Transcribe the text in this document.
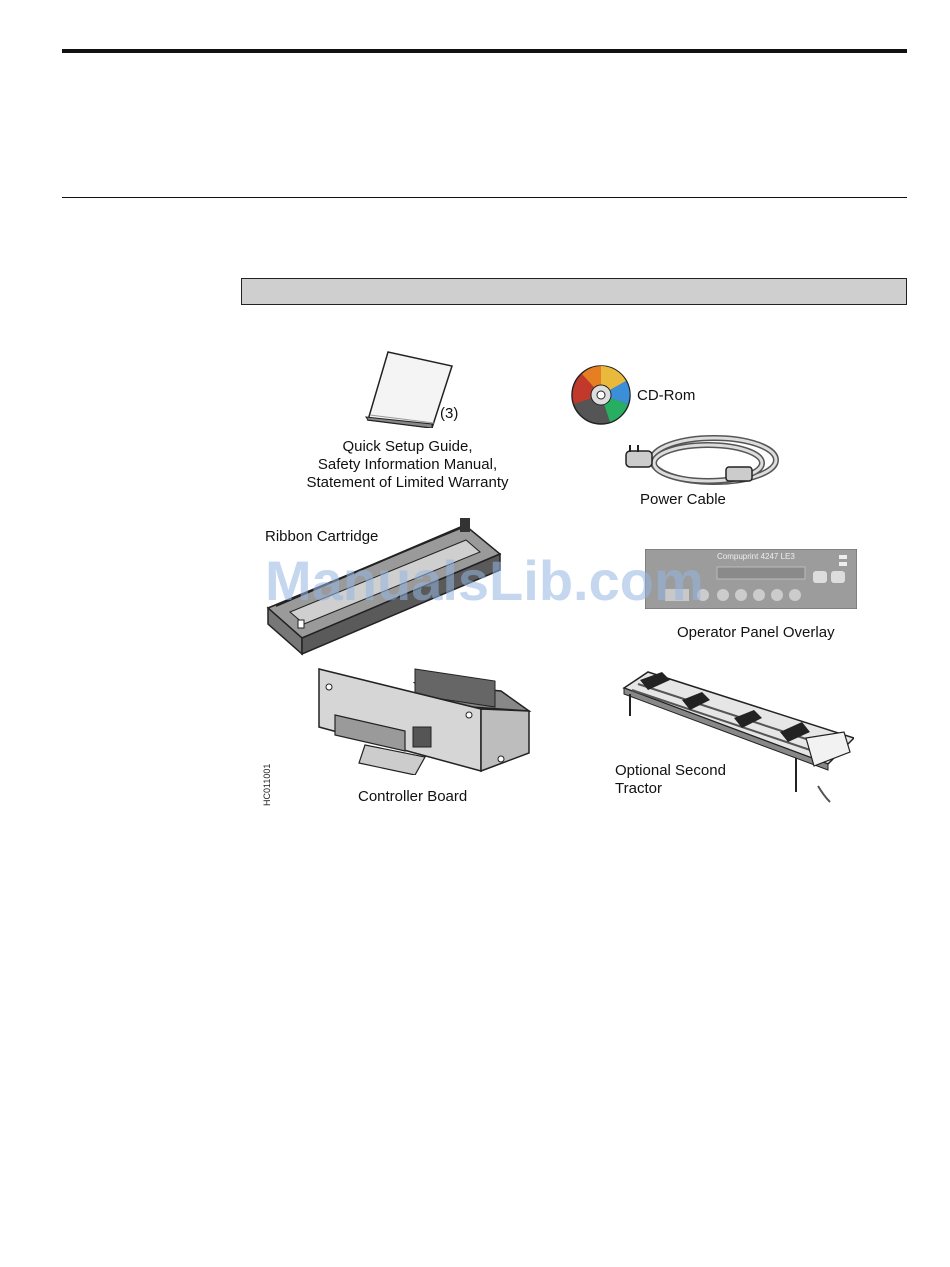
(3)
Quick Setup Guide,
Safety Information Manual,
Statement of Limited Warranty
CD-Rom
Power Cable
Ribbon Cartridge
Compuprint 4247 LE3
Operator Panel Overlay
Controller Board
Optional Second
Tractor
HC011001
ManualsLib.com
